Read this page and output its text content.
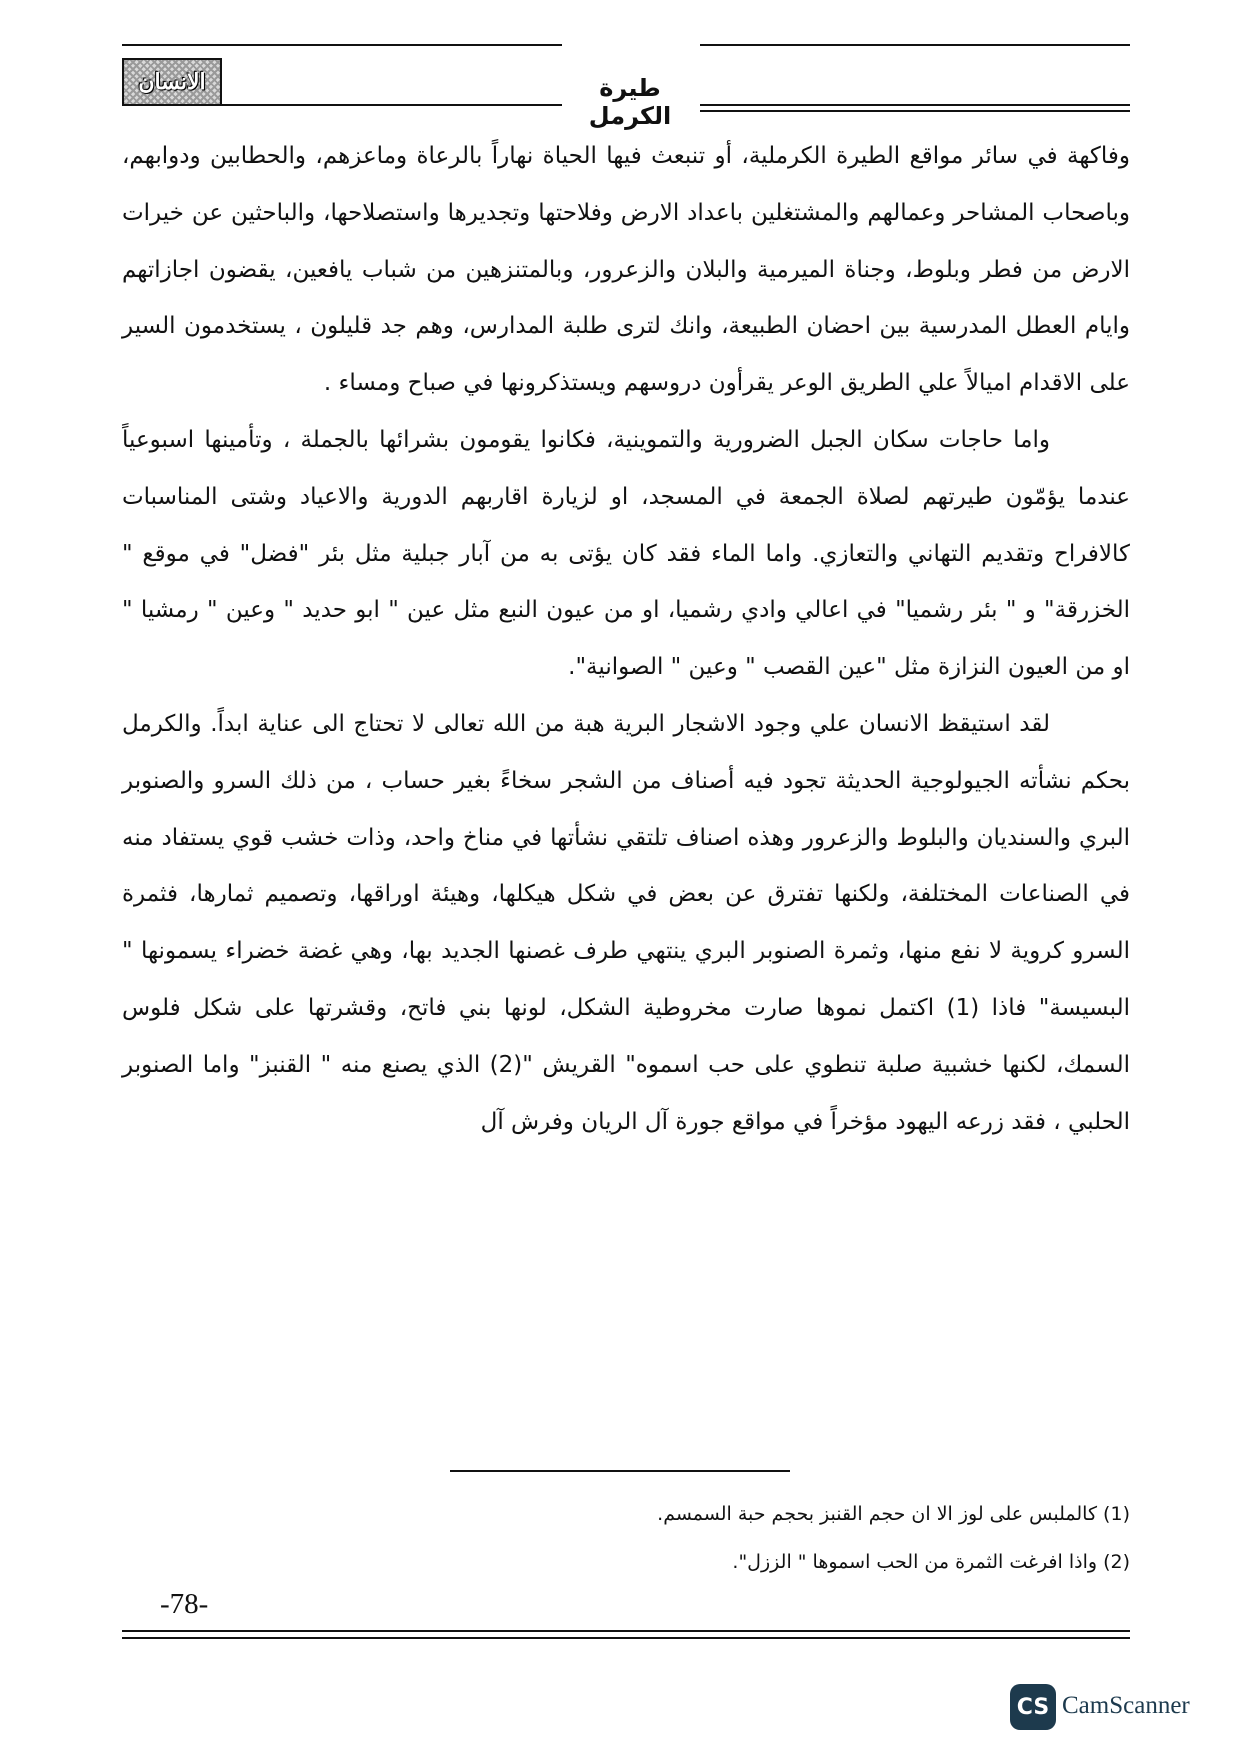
الانسان	طيرة الكرمل

وفاكهة في سائر مواقع الطيرة الكرملية، أو تنبعث فيها الحياة نهاراً بالرعاة وماعزهم، والحطابين ودوابهم، وباصحاب المشاحر وعمالهم والمشتغلين باعداد الارض وفلاحتها وتجديرها واستصلاحها، والباحثين عن خيرات الارض من فطر وبلوط، وجناة الميرمية والبلان والزعرور، وبالمتنزهين من شباب يافعين، يقضون اجازاتهم وايام العطل المدرسية بين احضان الطبيعة، وانك لترى طلبة المدارس، وهم جد قليلون ، يستخدمون السير على الاقدام اميالاً علي الطريق الوعر يقرأون دروسهم ويستذكرونها في صباح ومساء .

واما حاجات سكان الجبل الضرورية والتموينية، فكانوا يقومون بشرائها بالجملة ، وتأمينها اسبوعياً عندما يؤمّون طيرتهم لصلاة الجمعة في المسجد، او لزيارة اقاربهم الدورية والاعياد وشتى المناسبات كالافراح وتقديم التهاني والتعازي. واما الماء فقد كان يؤتى به من آبار جبلية مثل بئر "فضل" في موقع " الخزرقة" و " بئر رشميا" في اعالي وادي رشميا، او من عيون النبع مثل عين " ابو حديد " وعين " رمشيا " او من العيون النزازة مثل "عين القصب " وعين " الصوانية".

لقد استيقظ الانسان علي وجود الاشجار البرية هبة من الله تعالى لا تحتاج الى عناية ابداً. والكرمل بحكم نشأته الجيولوجية الحديثة تجود فيه أصناف من الشجر سخاءً بغير حساب ، من ذلك السرو والصنوبر البري والسنديان والبلوط والزعرور وهذه اصناف تلتقي نشأتها في مناخ واحد، وذات خشب قوي يستفاد منه في الصناعات المختلفة، ولكنها تفترق عن بعض في شكل هيكلها، وهيئة اوراقها، وتصميم ثمارها، فثمرة السرو كروية لا نفع منها، وثمرة الصنوبر البري ينتهي طرف غصنها الجديد بها، وهي غضة خضراء يسمونها " البسيسة" فاذا (1) اكتمل نموها صارت مخروطية الشكل، لونها بني فاتح، وقشرتها على شكل فلوس السمك، لكنها خشبية صلبة تنطوي على حب اسموه" القريش "(2) الذي يصنع منه " القنبز" واما الصنوبر الحلبي ، فقد زرعه اليهود مؤخراً في مواقع جورة آل الريان وفرش آل

(1) كالملبس على لوز الا ان حجم القنبز بحجم حبة السمسم.

(2) واذا افرغت الثمرة من الحب اسموها " الززل".

-78-
CS CamScanner
